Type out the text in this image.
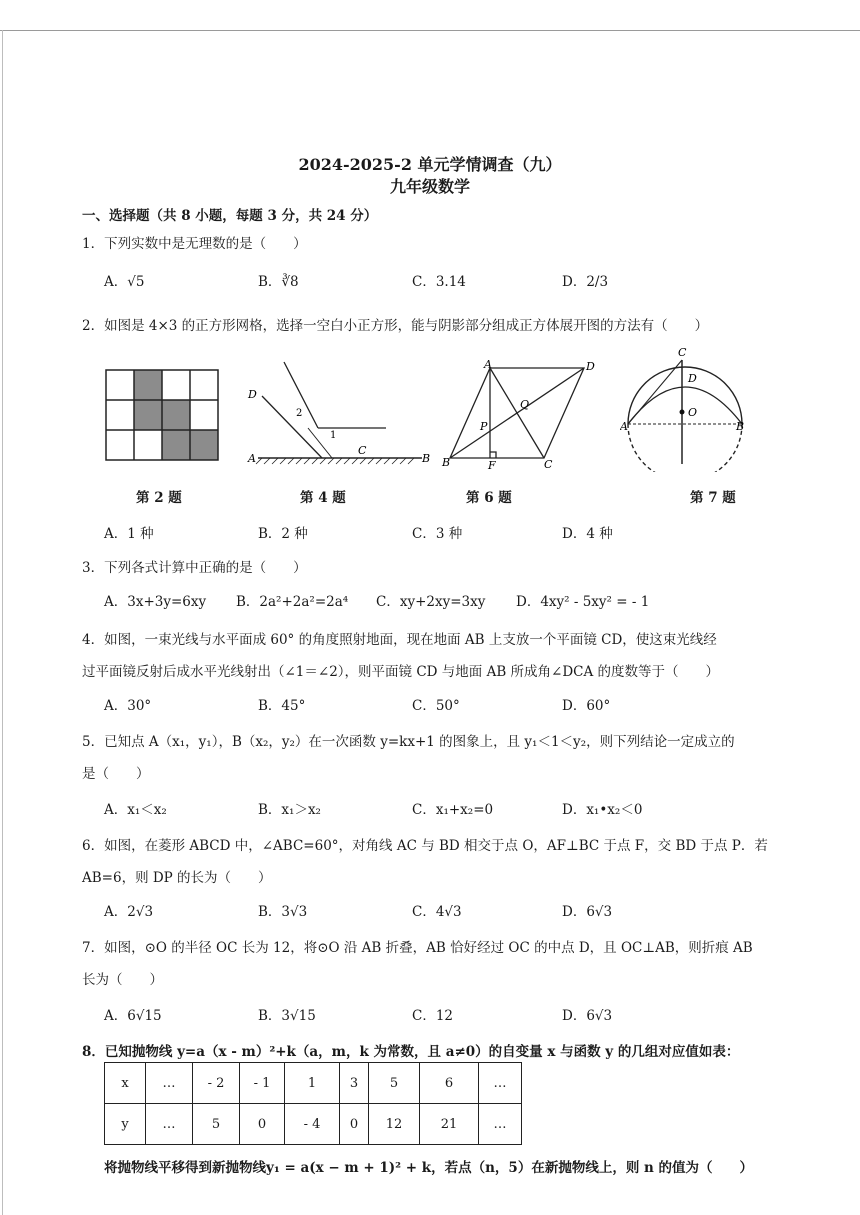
2024-2025-2 单元学情调查（九）
九年级数学
一、选择题（共 8 小题，每题 3 分，共 24 分）
1．下列实数中是无理数的是（　　）
A．√5	B．∛8	C．3.14	D．2/3
2．如图是 4×3 的正方形网格，选择一空白小正方形，能与阴影部分组成正方体展开图的方法有（　　）
D
A	B
C
2
1
A	D
B	C
F
P
Q
C
D
O
A	B
第 2 题	第 4 题	第 6 题	第 7 题
A．1 种	B．2 种	C．3 种	D．4 种
3．下列各式计算中正确的是（　　）
A．3x+3y=6xy B．2a²+2a²=2a⁴ C．xy+2xy=3xy D．4xy² - 5xy² = - 1
4．如图，一束光线与水平面成 60° 的角度照射地面，现在地面 AB 上支放一个平面镜 CD，使这束光线经
过平面镜反射后成水平光线射出（∠1＝∠2），则平面镜 CD 与地面 AB 所成角∠DCA 的度数等于（　　）
A．30°	B．45°	C．50°	D．60°
5．已知点 A（x₁，y₁），B（x₂，y₂）在一次函数 y=kx+1 的图象上，且 y₁＜1＜y₂，则下列结论一定成立的
是（　　）
A．x₁＜x₂	B．x₁＞x₂	C．x₁+x₂=0	D．x₁•x₂＜0
6．如图，在菱形 ABCD 中，∠ABC=60°，对角线 AC 与 BD 相交于点 O，AF⊥BC 于点 F，交 BD 于点 P．若
AB=6，则 DP 的长为（　　）
A．2√3	B．3√3	C．4√3	D．6√3
7．如图，⊙O 的半径 OC 长为 12，将⊙O 沿 AB 折叠，AB 恰好经过 OC 的中点 D，且 OC⊥AB，则折痕 AB
长为（　　）
A．6√15	B．3√15	C．12	D．6√3
8．已知抛物线 y=a（x - m）²+k（a，m，k 为常数，且 a≠0）的自变量 x 与函数 y 的几组对应值如表：
x	…	- 2	- 1	1	3	5	6	…
y	…	5	0	- 4	0	12	21	…
将抛物线平移得到新抛物线y₁ = a(x − m + 1)² + k，若点（n，5）在新抛物线上，则 n 的值为（　　）
